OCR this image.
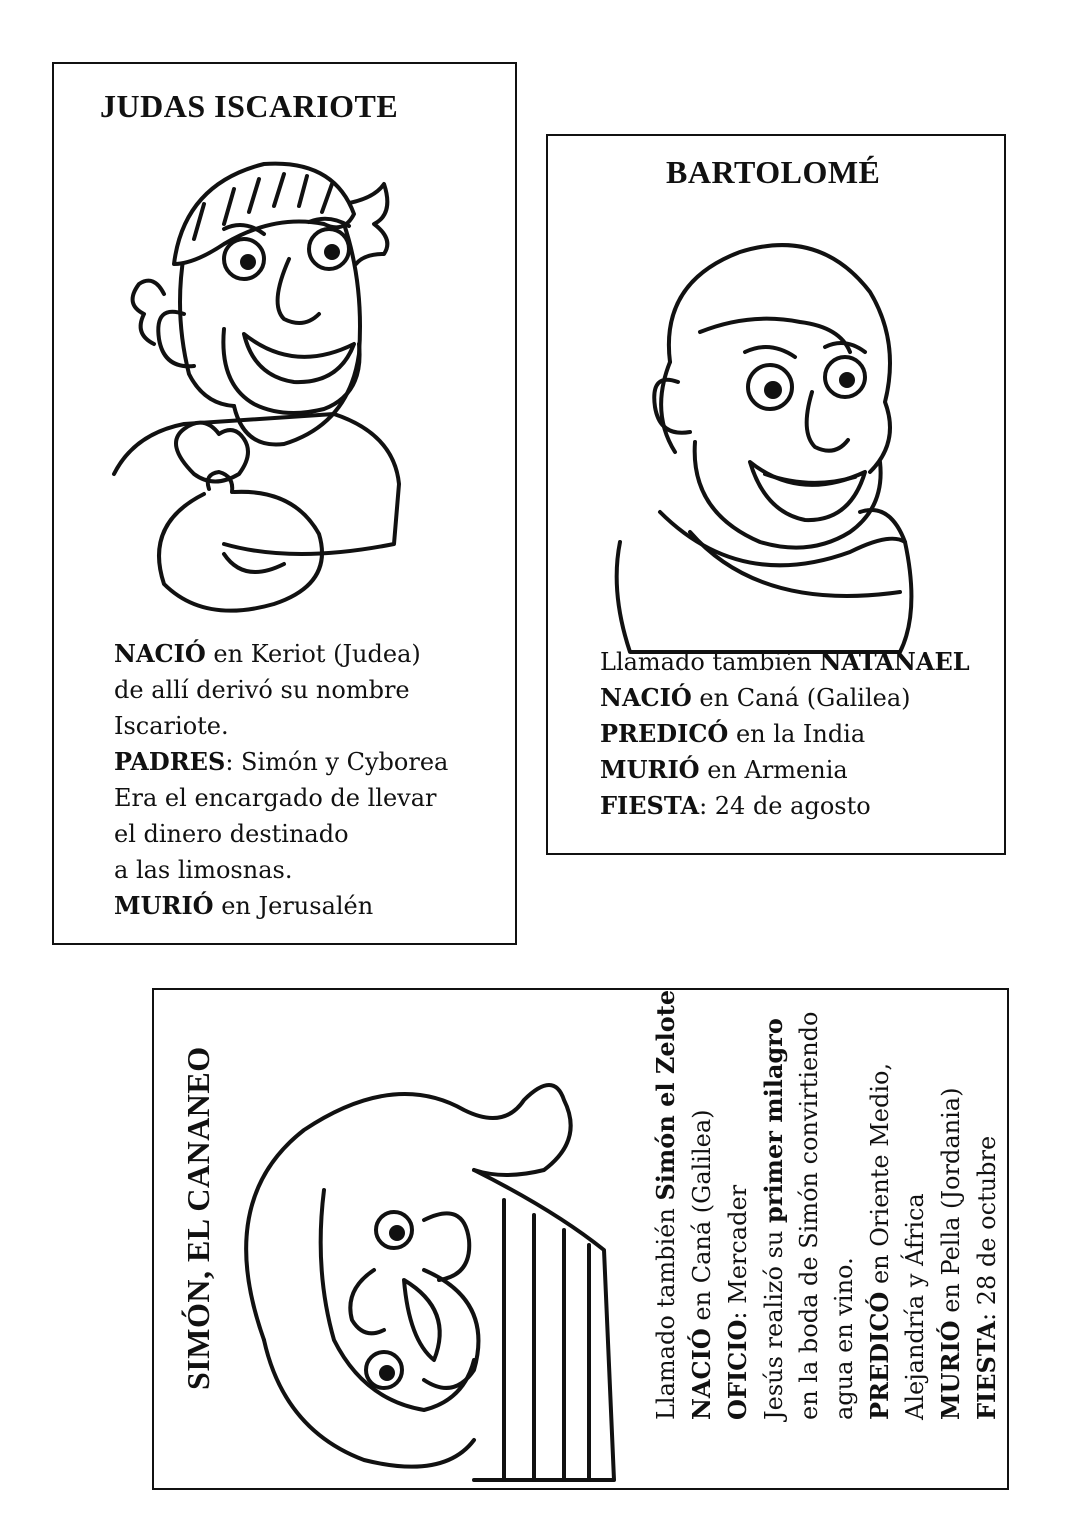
JUDAS ISCARIOTE
NACIÓ en Keriot (Judea)
de allí derivó su nombre
Iscariote.
PADRES: Simón y Cyborea
Era el encargado de llevar
el dinero destinado
a las limosnas.
MURIÓ en Jerusalén
BARTOLOMÉ
Llamado también NATANAEL
NACIÓ en Caná (Galilea)
PREDICÓ en la India
MURIÓ en Armenia
FIESTA: 24 de agosto
SIMÓN, EL CANANEO	Llamado también Simón el Zelote
NACIÓ en Caná (Galilea)
OFICIO: Mercader Jesús realizó su primer milagro en la boda de Simón convirtiendo agua en vino. PREDICÓ en Oriente Medio,
Alejandría y África MURIÓ en Pella (Jordania)
FIESTA: 28 de octubre
